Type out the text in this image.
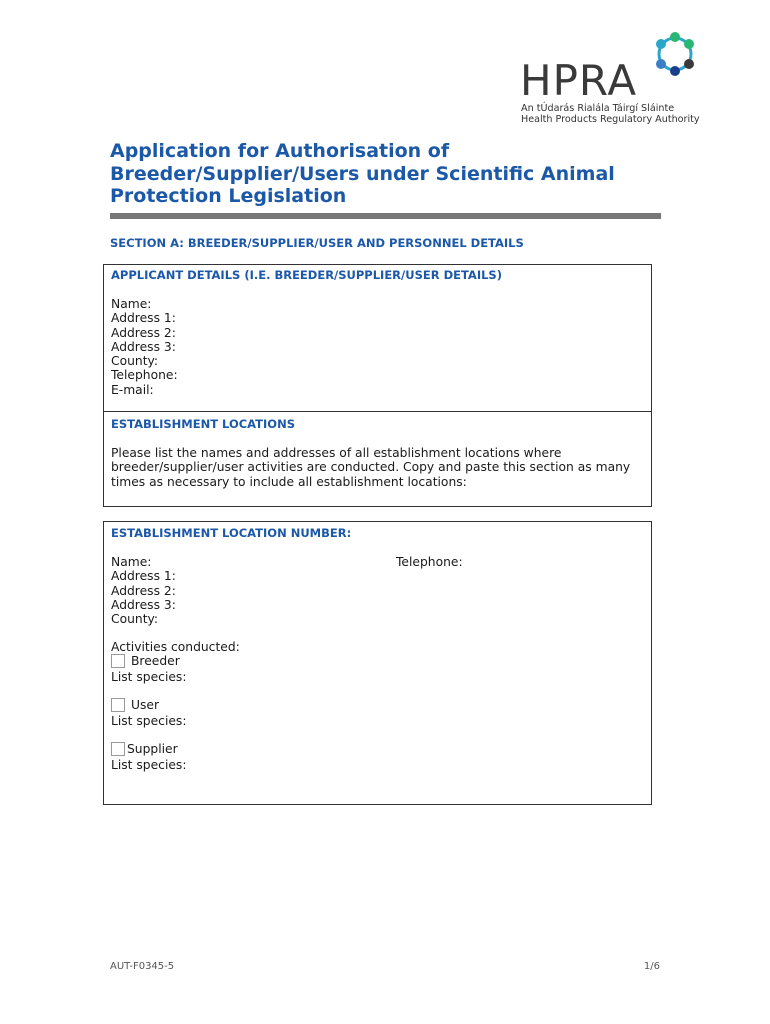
HPRA
An tÚdarás Rialála Táirgí Sláinte
Health Products Regulatory Authority
Application for Authorisation of Breeder/Supplier/Users under Scientific Animal Protection Legislation
SECTION A: BREEDER/SUPPLIER/USER AND PERSONNEL DETAILS
APPLICANT DETAILS (I.E. BREEDER/SUPPLIER/USER DETAILS)
Name:
Address 1:
Address 2:
Address 3:
County:
Telephone:
E-mail:
ESTABLISHMENT LOCATIONS
Please list the names and addresses of all establishment locations where breeder/supplier/user activities are conducted. Copy and paste this section as many times as necessary to include all establishment locations:
ESTABLISHMENT LOCATION NUMBER:
Name:
Address 1:
Address 2:
Address 3:
County:
Telephone:
Activities conducted:
Breeder
List species:
User
List species:
Supplier
List species:
AUT-F0345-5	1/6
